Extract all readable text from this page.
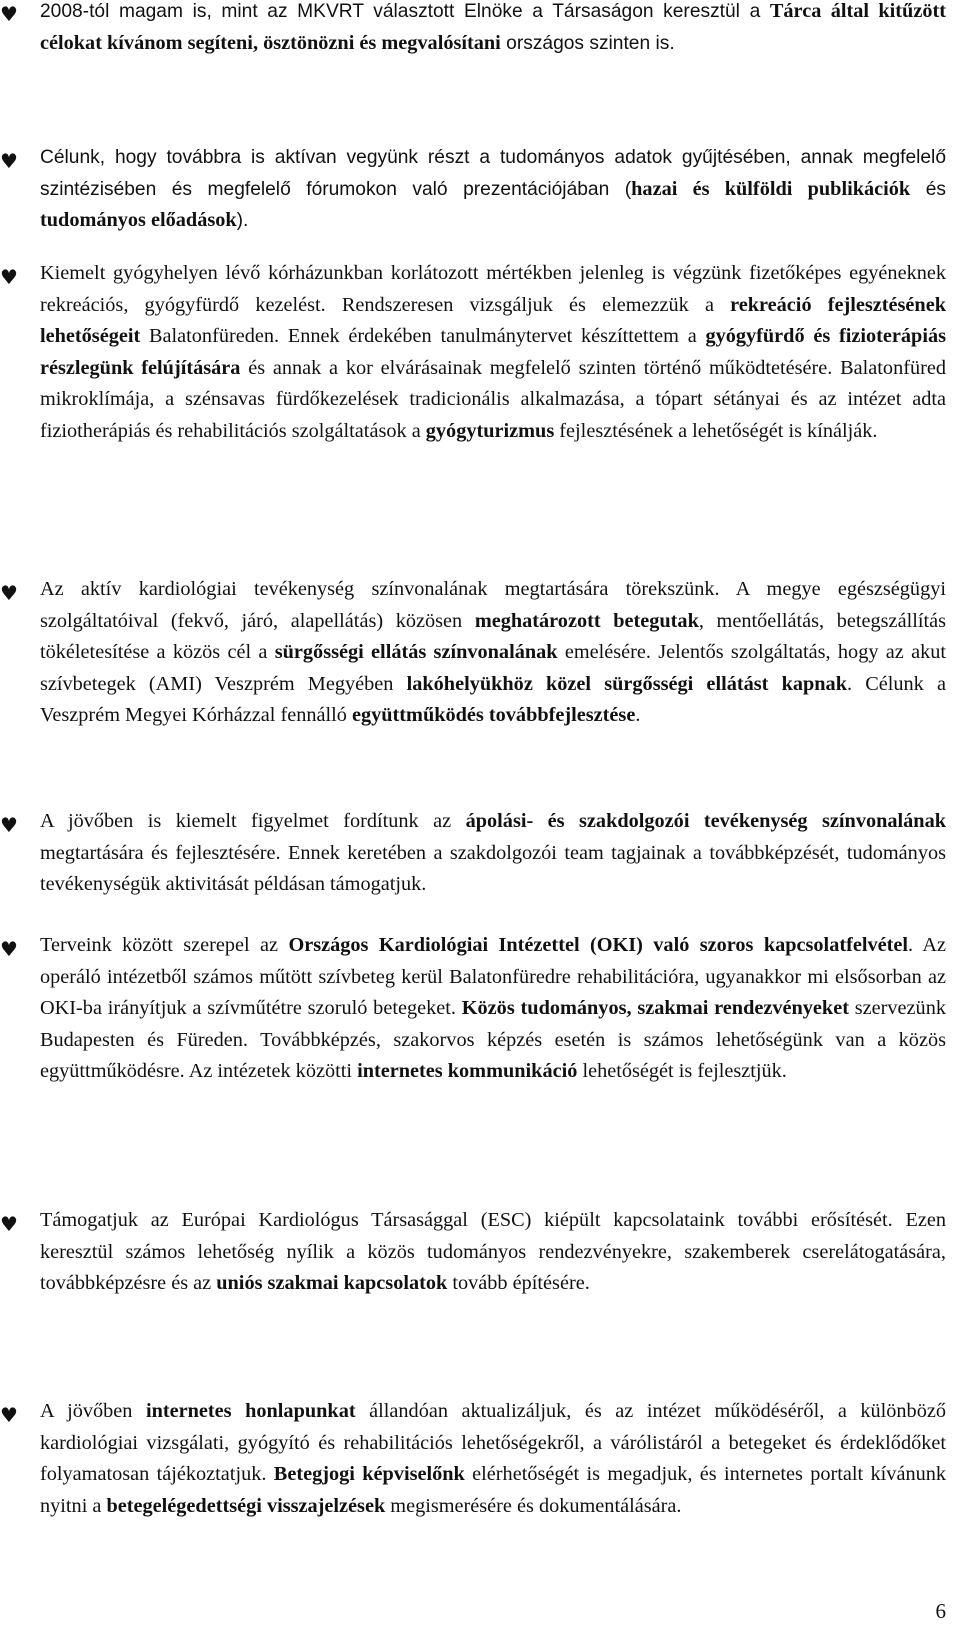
♥	2008-tól magam is, mint az MKVRT választott Elnöke a Társaságon keresztül a Tárca által kitűzött célokat kívánom segíteni, ösztönözni és megvalósítani országos szinten is.
♥	Célunk, hogy továbbra is aktívan vegyünk részt a tudományos adatok gyűjtésében, annak megfelelő szintézisében és megfelelő fórumokon való prezentációjában (hazai és külföldi publikációk és tudományos előadások).
♥	Kiemelt gyógyhelyen lévő kórházunkban korlátozott mértékben jelenleg is végzünk fizetőképes egyéneknek rekreációs, gyógyfürdő kezelést. Rendszeresen vizsgáljuk és elemezzük a rekreáció fejlesztésének lehetőségeit Balatonfüreden. Ennek érdekében tanulmánytervet készíttettem a gyógyfürdő és fizioterápiás részlegünk felújítására és annak a kor elvárásainak megfelelő szinten történő működtetésére. Balatonfüred mikroklímája, a szénsavas fürdőkezelések tradicionális alkalmazása, a tópart sétányai és az intézet adta fiziotherápiás és rehabilitációs szolgáltatások a gyógyturizmus fejlesztésének a lehetőségét is kínálják.
♥	Az aktív kardiológiai tevékenység színvonalának megtartására törekszünk. A megye egészségügyi szolgáltatóival (fekvő, járó, alapellátás) közösen meghatározott betegutak, mentőellátás, betegszállítás tökéletesítése a közös cél a sürgősségi ellátás színvonalának emelésére. Jelentős szolgáltatás, hogy az akut szívbetegek (AMI) Veszprém Megyében lakóhelyükhöz közel sürgősségi ellátást kapnak. Célunk a Veszprém Megyei Kórházzal fennálló együttműködés továbbfejlesztése.
♥	A jövőben is kiemelt figyelmet fordítunk az ápolási- és szakdolgozói tevékenység színvonalának megtartására és fejlesztésére. Ennek keretében a szakdolgozói team tagjainak a továbbképzését, tudományos tevékenységük aktivitását példásan támogatjuk.
♥	Terveink között szerepel az Országos Kardiológiai Intézettel (OKI) való szoros kapcsolatfelvétel. Az operáló intézetből számos műtött szívbeteg kerül Balatonfüredre rehabilitációra, ugyanakkor mi elsősorban az OKI-ba irányítjuk a szívműtétre szoruló betegeket. Közös tudományos, szakmai rendezvényeket szervezünk Budapesten és Füreden. Továbbképzés, szakorvos képzés esetén is számos lehetőségünk van a közös együttműködésre. Az intézetek közötti internetes kommunikáció lehetőségét is fejlesztjük.
♥	Támogatjuk az Európai Kardiológus Társasággal (ESC) kiépült kapcsolataink további erősítését. Ezen keresztül számos lehetőség nyílik a közös tudományos rendezvényekre, szakemberek cserelátogatására, továbbképzésre és az uniós szakmai kapcsolatok tovább építésére.
♥	A jövőben internetes honlapunkat állandóan aktualizáljuk, és az intézet működéséről, a különböző kardiológiai vizsgálati, gyógyító és rehabilitációs lehetőségekről, a várólistáról a betegeket és érdeklődőket folyamatosan tájékoztatjuk. Betegjogi képviselőnk elérhetőségét is megadjuk, és internetes portalt kívánunk nyitni a betegelégedettségi visszajelzések megismerésére és dokumentálására.
6
